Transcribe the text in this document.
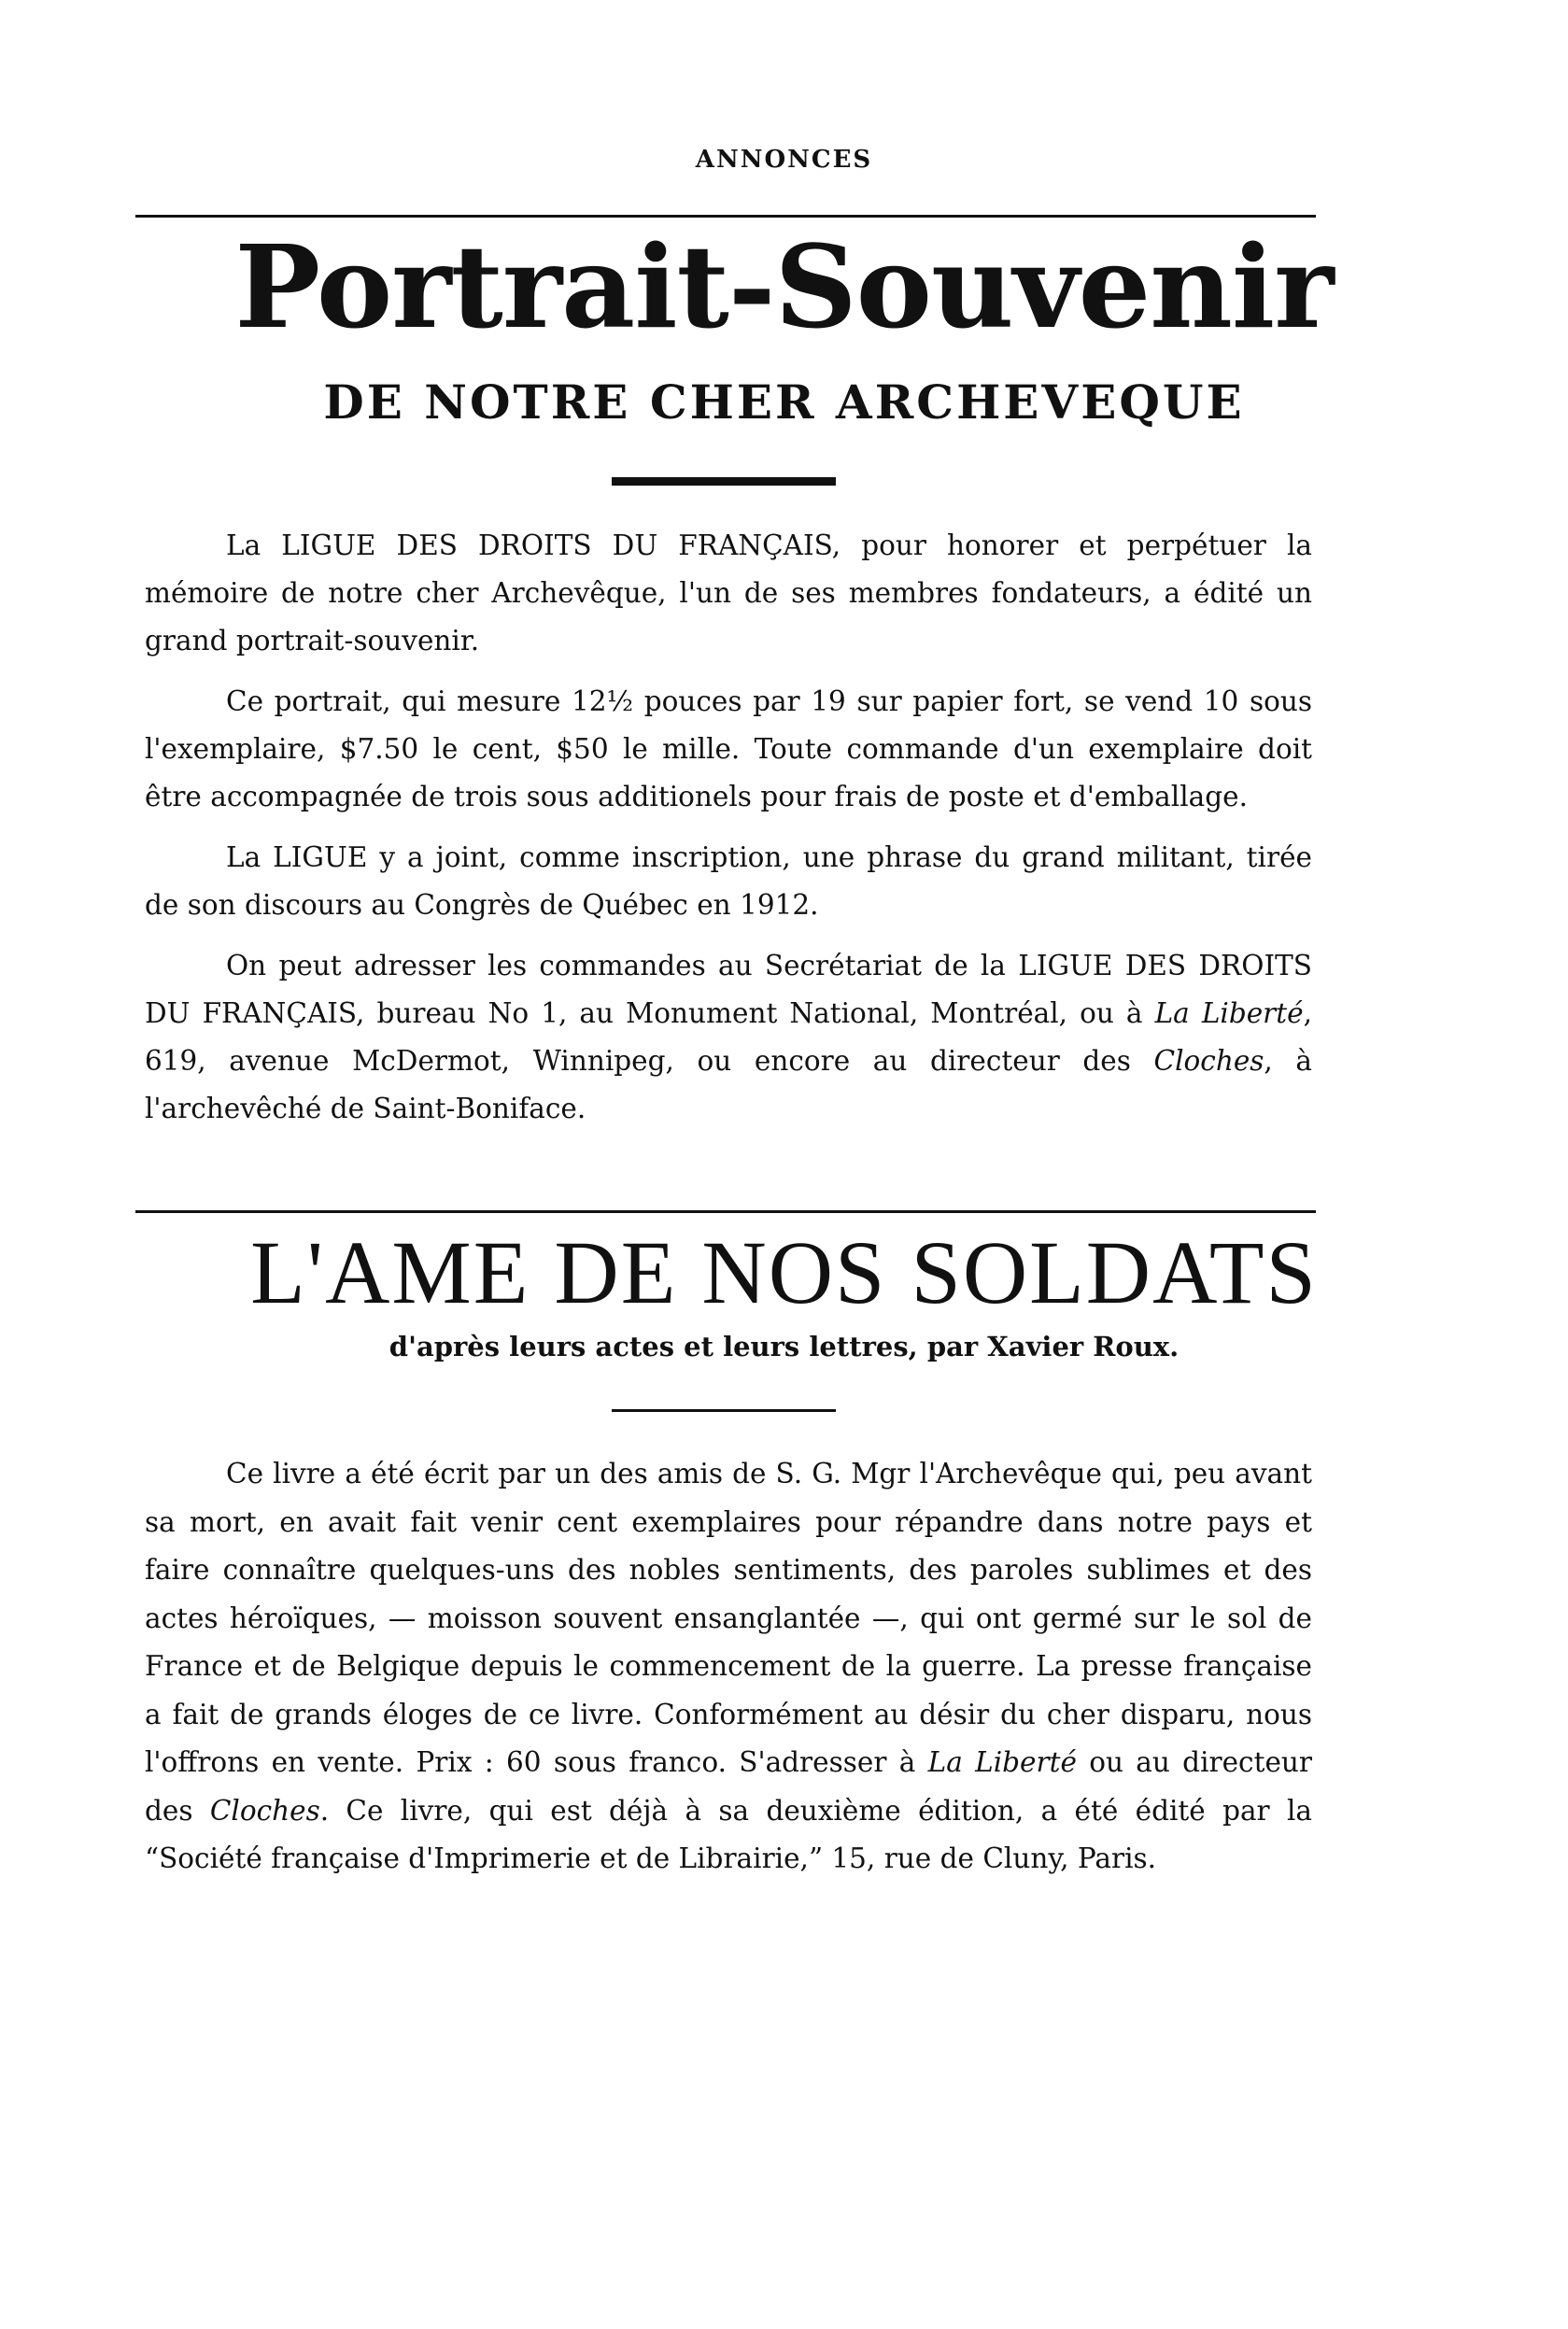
ANNONCES
Portrait-Souvenir
DE NOTRE CHER ARCHEVEQUE

La LIGUE DES DROITS DU FRANÇAIS, pour honorer et perpétuer la mémoire de notre cher Archevêque, l'un de ses membres fondateurs, a édité un grand portrait-souvenir.

Ce portrait, qui mesure 12½ pouces par 19 sur papier fort, se vend 10 sous l'exemplaire, $7.50 le cent, $50 le mille. Toute commande d'un exemplaire doit être accompagnée de trois sous additionels pour frais de poste et d'emballage.

La LIGUE y a joint, comme inscription, une phrase du grand militant, tirée de son discours au Congrès de Québec en 1912.

On peut adresser les commandes au Secrétariat de la LIGUE DES DROITS DU FRANÇAIS, bureau No 1, au Monument National, Montréal, ou à La Liberté, 619, avenue McDermot, Winnipeg, ou encore au directeur des Cloches, à l'archevêché de Saint-Boniface.

L'AME DE NOS SOLDATS
d'après leurs actes et leurs lettres, par Xavier Roux.

Ce livre a été écrit par un des amis de S. G. Mgr l'Archevêque qui, peu avant sa mort, en avait fait venir cent exemplaires pour répandre dans notre pays et faire connaître quelques-uns des nobles sentiments, des paroles sublimes et des actes héroïques, — moisson souvent ensanglantée —, qui ont germé sur le sol de France et de Belgique depuis le commencement de la guerre. La presse française a fait de grands éloges de ce livre. Conformément au désir du cher disparu, nous l'offrons en vente. Prix : 60 sous franco. S'adresser à La Liberté ou au directeur des Cloches. Ce livre, qui est déjà à sa deuxième édition, a été édité par la “Société française d'Imprimerie et de Librairie,” 15, rue de Cluny, Paris.
